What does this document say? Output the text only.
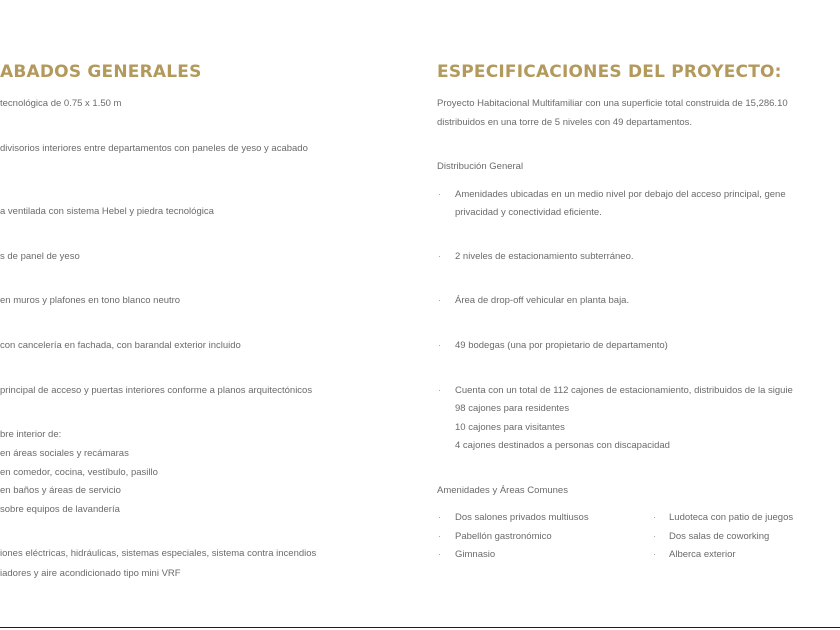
ABADOS GENERALES

tecnológica de 0.75 x 1.50 m

divisorios interiores entre departamentos con paneles de yeso y acabado

a ventilada con sistema Hebel y piedra tecnológica

s de panel de yeso

en muros y plafones en tono blanco neutro

con cancelería en fachada, con barandal exterior incluido

principal de acceso y puertas interiores conforme a planos arquitectónicos

bre interior de:

en áreas sociales y recámaras

en comedor, cocina, vestíbulo, pasillo

en baños y áreas de servicio

sobre equipos de lavandería

iones eléctricas, hidráulicas, sistemas especiales, sistema contra incendios

iadores y aire acondicionado tipo mini VRF

ESPECIFICACIONES DEL PROYECTO:

Proyecto Habitacional Multifamiliar con una superficie total construida de 15,286.10

distribuidos en una torre de 5 niveles con 49 departamentos.

Distribución General

· Amenidades ubicadas en un medio nivel por debajo del acceso principal, gene

privacidad y conectividad eficiente.

· 2 niveles de estacionamiento subterráneo.

· Área de drop-off vehicular en planta baja.

· 49 bodegas (una por propietario de departamento)

· Cuenta con un total de 112 cajones de estacionamiento, distribuidos de la siguie

98 cajones para residentes

10 cajones para visitantes

4 cajones destinados a personas con discapacidad

Amenidades y Áreas Comunes

· Dos salones privados multiusos

· Pabellón gastronómico

· Gimnasio

· Ludoteca con patio de juegos

· Dos salas de coworking

· Alberca exterior
